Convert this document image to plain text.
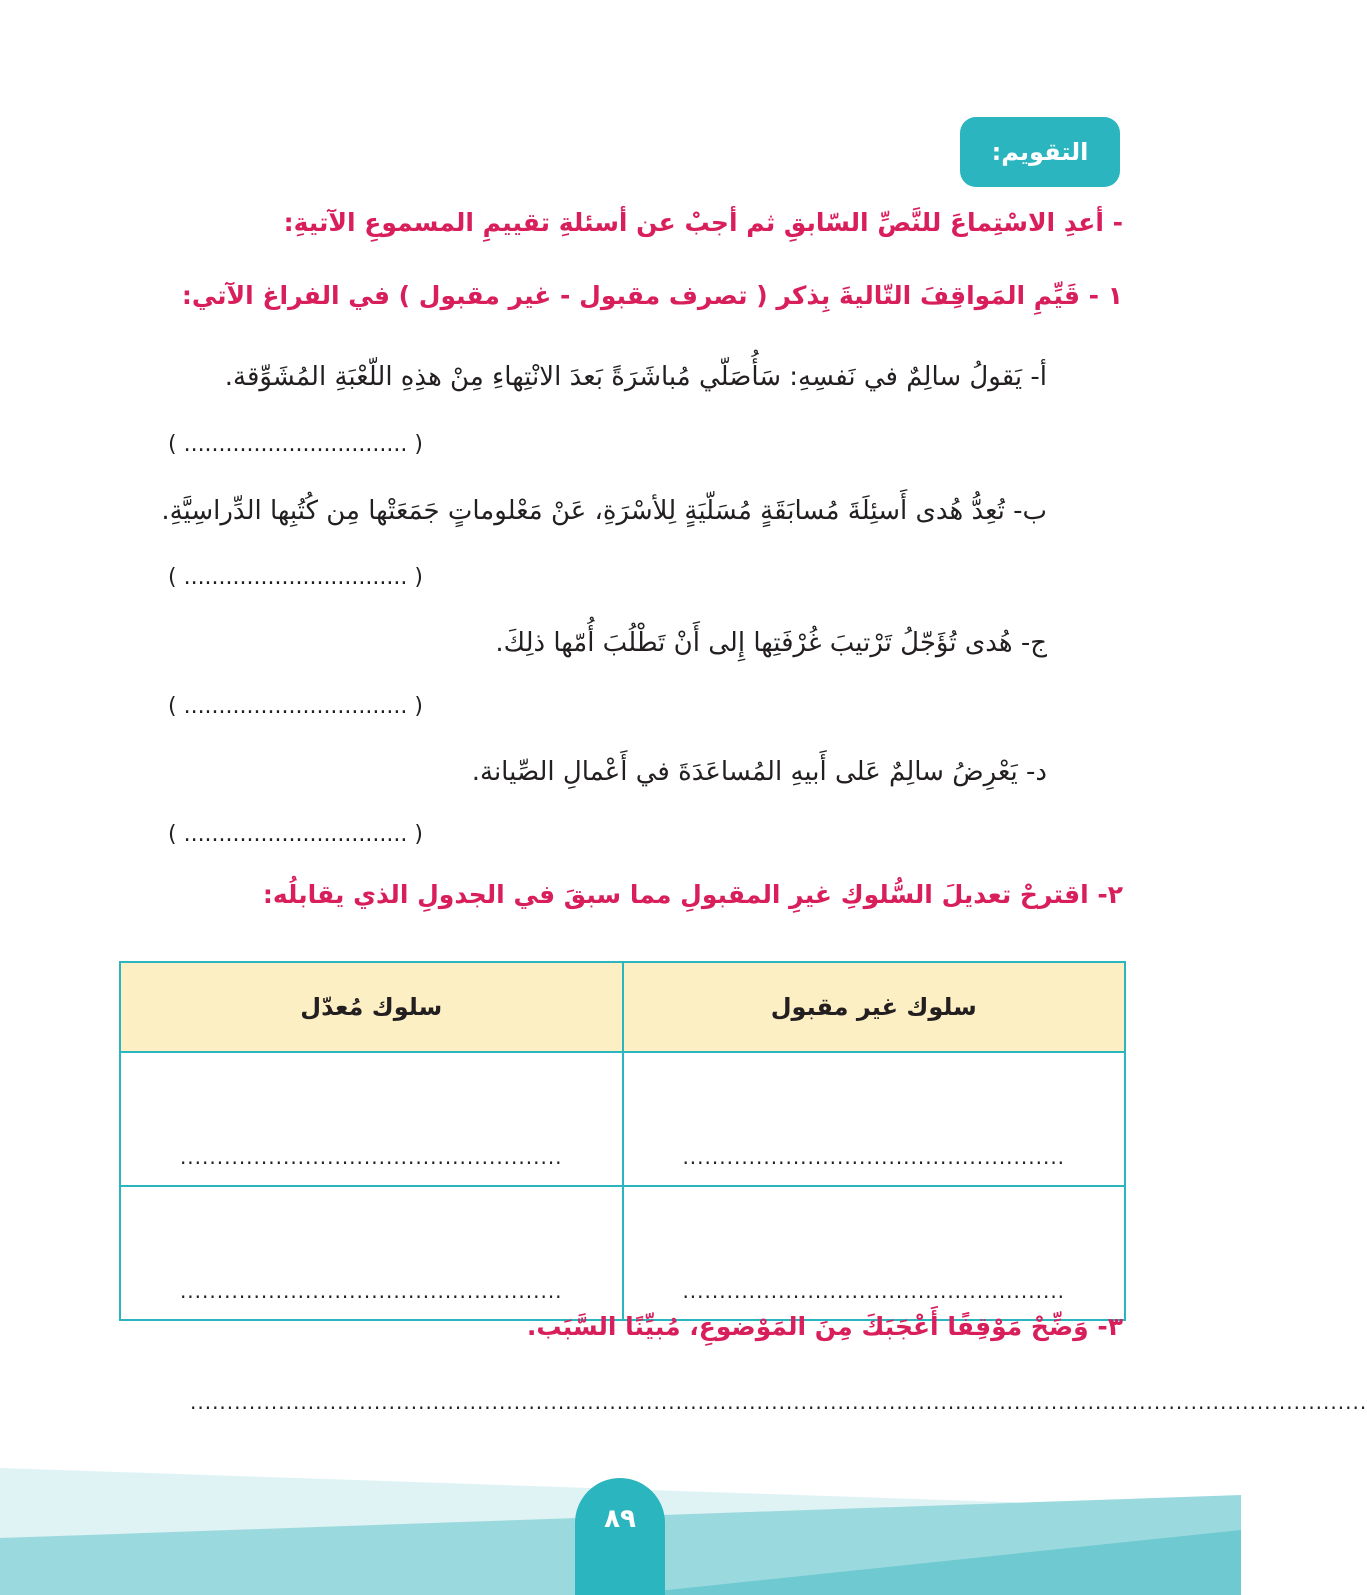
التقويم:
- أعدِ الاسْتِماعَ للنَّصِّ السّابقِ ثم أجبْ عن أسئلةِ تقييمِ المسموعِ الآتيةِ:
١ - قَيِّمِ المَواقِفَ التّاليةَ بِذكر ( تصرف مقبول - غير مقبول ) في الفراغ الآتي:
أ- يَقولُ سالِمٌ في نَفسِهِ: سَأُصَلّي مُباشَرَةً بَعدَ الانْتِهاءِ مِنْ هذِهِ اللّعْبَةِ المُشَوِّقة.
( ................................ )
ب- تُعِدُّ هُدى أَسئِلَةَ مُسابَقَةٍ مُسَلّيَةٍ لِلأسْرَةِ، عَنْ مَعْلوماتٍ جَمَعَتْها مِن كُتُبِها الدِّراسِيَّةِ.
( ................................ )
ج- هُدى تُؤَجّلُ تَرْتيبَ غُرْفَتِها إِلى أَنْ تَطْلُبَ أُمّها ذلِكَ.
( ................................ )
د- يَعْرِضُ سالِمٌ عَلى أَبيهِ المُساعَدَةَ في أَعْمالِ الصِّيانة.
( ................................ )
٢- اقترحْ تعديلَ السُّلوكِ غيرِ المقبولِ مما سبقَ في الجدولِ الذي يقابلُه:
سلوك غير مقبول	سلوك مُعدّل
....................................................	....................................................
....................................................	....................................................
٣- وَضِّحْ مَوْقِفًا أَعْجَبَكَ مِنَ المَوْضوعِ، مُبيِّنًا السَّبَب.
................................................................................................................................................................
٨٩
